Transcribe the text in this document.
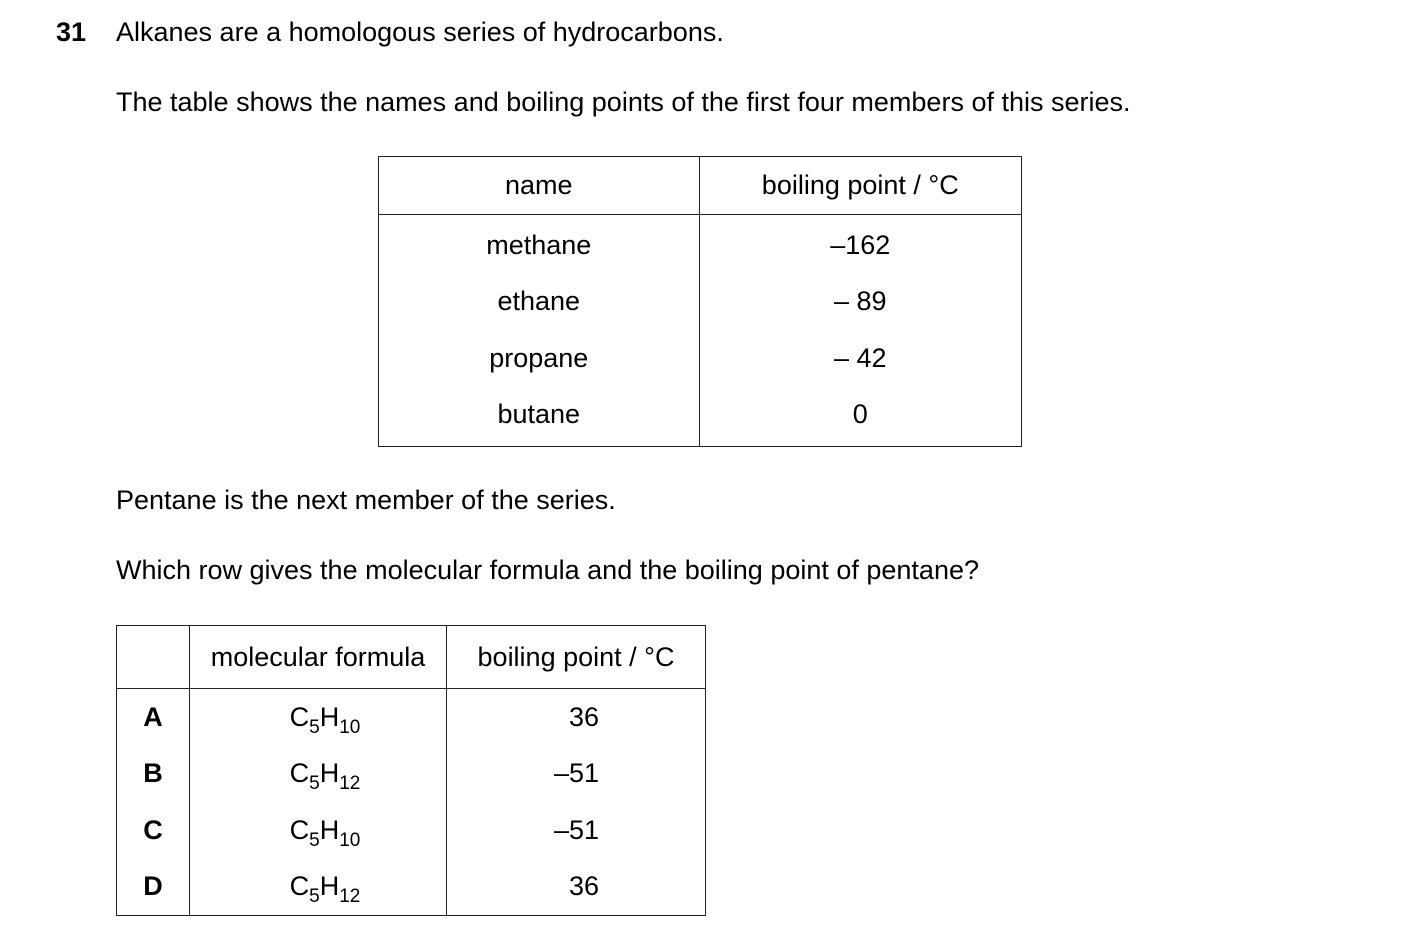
31 Alkanes are a homologous series of hydrocarbons.
The table shows the names and boiling points of the first four members of this series.
name	boiling point / °C
methane	–162
ethane	– 89
propane	– 42
butane	0
Pentane is the next member of the series.
Which row gives the molecular formula and the boiling point of pentane?
	molecular formula	boiling point / °C
A	$C_5H_{10}$	36
B	$C_5H_{12}$	–51
C	$C_5H_{10}$	–51
D	$C_5H_{12}$	36
